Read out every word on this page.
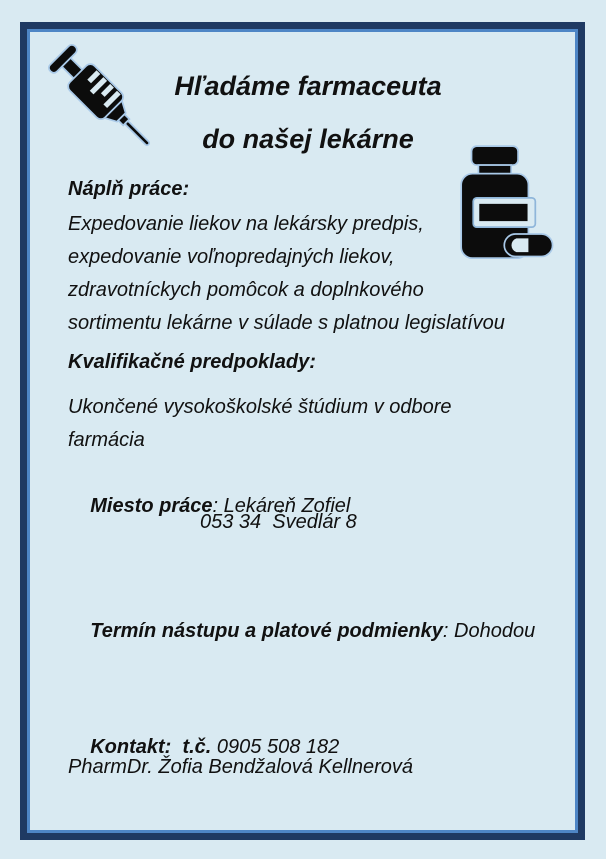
Hľadáme farmaceuta
do našej lekárne
Náplň práce:
Expedovanie liekov na lekársky predpis,
expedovanie voľnopredajných liekov,
zdravotníckych pomôcok a doplnkového
sortimentu lekárne v súlade s platnou legislatívou
Kvalifikačné predpoklady:
Ukončené vysokoškolské štúdium v odbore
farmácia

Miesto práce: Lekáreň Zofiel

053 34  Švedlár 8

Termín nástupu a platové podmienky: Dohodou

Kontakt:  t.č. 0905 508 182

PharmDr. Žofia Bendžalová Kellnerová
